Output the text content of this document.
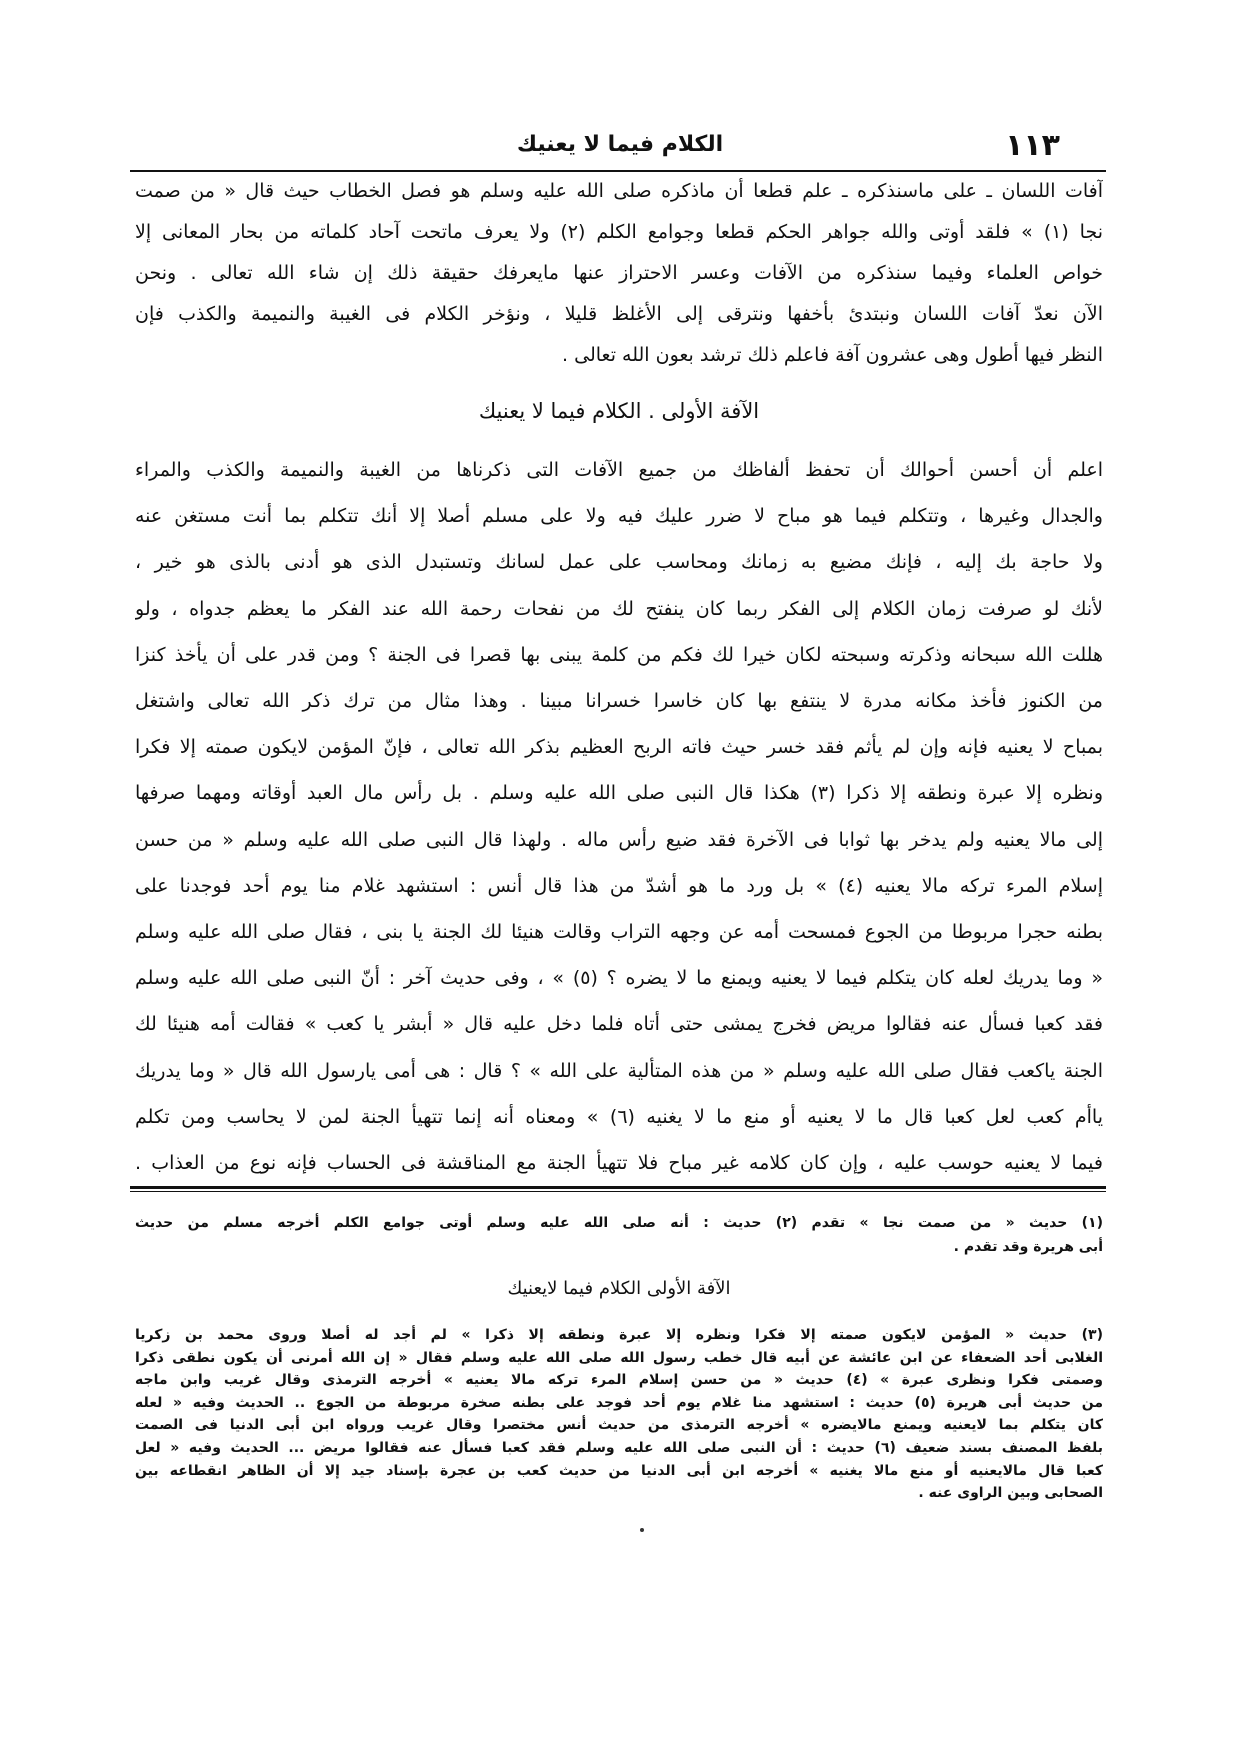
١١٣
الكلام فيما لا يعنيك
آفات اللسان ـ على ماسنذكره ـ علم قطعا أن ماذكره صلى الله عليه وسلم هو فصل الخطاب حيث قال « من صمت
نجا (١) » فلقد أوتى والله جواهر الحكم قطعا وجوامع الكلم (٢) ولا يعرف ماتحت آحاد كلماته من بحار المعانى إلا
خواص العلماء وفيما سنذكره من الآفات وعسر الاحتراز عنها مايعرفك حقيقة ذلك إن شاء الله تعالى . ونحن
الآن نعدّ آفات اللسان ونبتدئ بأخفها ونترقى إلى الأغلظ قليلا ، ونؤخر الكلام فى الغيبة والنميمة والكذب فإن
النظر فيها أطول وهى عشرون آفة فاعلم ذلك ترشد بعون الله تعالى .
الآفة الأولى . الكلام فيما لا يعنيك
اعلم أن أحسن أحوالك أن تحفظ ألفاظك من جميع الآفات التى ذكرناها من الغيبة والنميمة والكذب والمراء
والجدال وغيرها ، وتتكلم فيما هو مباح لا ضرر عليك فيه ولا على مسلم أصلا إلا أنك تتكلم بما أنت مستغن عنه
ولا حاجة بك إليه ، فإنك مضيع به زمانك ومحاسب على عمل لسانك وتستبدل الذى هو أدنى بالذى هو خير ،
لأنك لو صرفت زمان الكلام إلى الفكر ربما كان ينفتح لك من نفحات رحمة الله عند الفكر ما يعظم جدواه ، ولو
هللت الله سبحانه وذكرته وسبحته لكان خيرا لك فكم من كلمة يبنى بها قصرا فى الجنة ؟ ومن قدر على أن يأخذ كنزا
من الكنوز فأخذ مكانه مدرة لا ينتفع بها كان خاسرا خسرانا مبينا . وهذا مثال من ترك ذكر الله تعالى واشتغل
بمباح لا يعنيه فإنه وإن لم يأثم فقد خسر حيث فاته الربح العظيم بذكر الله تعالى ، فإنّ المؤمن لايكون صمته إلا فكرا
ونظره إلا عبرة ونطقه إلا ذكرا (٣) هكذا قال النبى صلى الله عليه وسلم . بل رأس مال العبد أوقاته ومهما صرفها
إلى مالا يعنيه ولم يدخر بها ثوابا فى الآخرة فقد ضيع رأس ماله . ولهذا قال النبى صلى الله عليه وسلم « من حسن
إسلام المرء تركه مالا يعنيه (٤) » بل ورد ما هو أشدّ من هذا قال أنس : استشهد غلام منا يوم أحد فوجدنا على
بطنه حجرا مربوطا من الجوع فمسحت أمه عن وجهه التراب وقالت هنيئا لك الجنة يا بنى ، فقال صلى الله عليه وسلم
« وما يدريك لعله كان يتكلم فيما لا يعنيه ويمنع ما لا يضره ؟ (٥) » ، وفى حديث آخر : أنّ النبى صلى الله عليه وسلم
فقد كعبا فسأل عنه فقالوا مريض فخرج يمشى حتى أتاه فلما دخل عليه قال « أبشر يا كعب » فقالت أمه هنيئا لك
الجنة ياكعب فقال صلى الله عليه وسلم « من هذه المتألية على الله » ؟ قال : هى أمى يارسول الله قال « وما يدريك
ياأم كعب لعل كعبا قال ما لا يعنيه أو منع ما لا يغنيه (٦) » ومعناه أنه إنما تتهيأ الجنة لمن لا يحاسب ومن تكلم
فيما لا يعنيه حوسب عليه ، وإن كان كلامه غير مباح فلا تتهيأ الجنة مع المناقشة فى الحساب فإنه نوع من العذاب .
(١) حديث « من صمت نجا » تقدم (٢) حديث : أنه صلى الله عليه وسلم أوتى جوامع الكلم أخرجه مسلم من حديث
أبى هريرة وقد تقدم .
الآفة الأولى الكلام فيما لايعنيك
(٣) حديث « المؤمن لايكون صمته إلا فكرا ونظره إلا عبرة ونطقه إلا ذكرا » لم أجد له أصلا وروى محمد بن زكريا
الغلابى أحد الضعفاء عن ابن عائشة عن أبيه قال خطب رسول الله صلى الله عليه وسلم فقال « إن الله أمرنى أن يكون نطقى ذكرا
وصمتى فكرا ونظرى عبرة » (٤) حديث « من حسن إسلام المرء تركه مالا يعنيه » أخرجه الترمذى وقال غريب وابن ماجه
من حديث أبى هريرة (٥) حديث : استشهد منا غلام يوم أحد فوجد على بطنه صخرة مربوطة من الجوع .. الحديث وفيه « لعله
كان يتكلم بما لايعنيه ويمنع مالايضره » أخرجه الترمذى من حديث أنس مختصرا وقال غريب ورواه ابن أبى الدنيا فى الصمت
بلفظ المصنف بسند ضعيف (٦) حديث : أن النبى صلى الله عليه وسلم فقد كعبا فسأل عنه فقالوا مريض ... الحديث وفيه « لعل
كعبا قال مالايعنيه أو منع مالا يغنيه » أخرجه ابن أبى الدنيا من حديث كعب بن عجرة بإسناد جيد إلا أن الظاهر انقطاعه بين
الصحابى وبين الراوى عنه .
